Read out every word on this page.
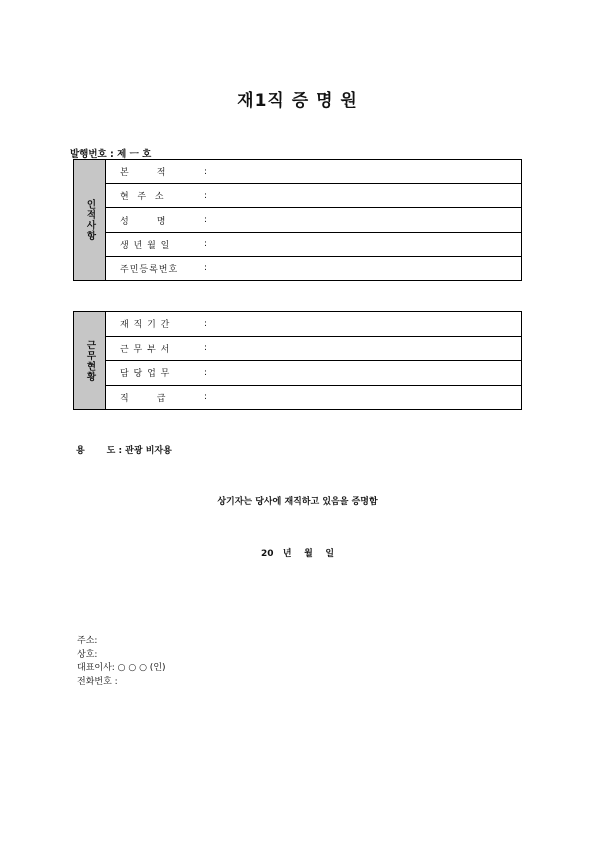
재1직 증 명 원
발행번호 : 제 ㅡ 호
인적사항
본       적	:
현  주  소	:
성       명	:
생 년 월 일	:
주민등록번호	:
근무현황
재 직 기 간	:
근 무 부 서	:
담 당 업 무	:
직       급	:
용       도 : 관광 비자용
상기자는 당사에 재직하고 있음을 증명함
20   년    월    일
주소:
상호:
대표이사: ○ ○ ○ (인)
전화번호 :
